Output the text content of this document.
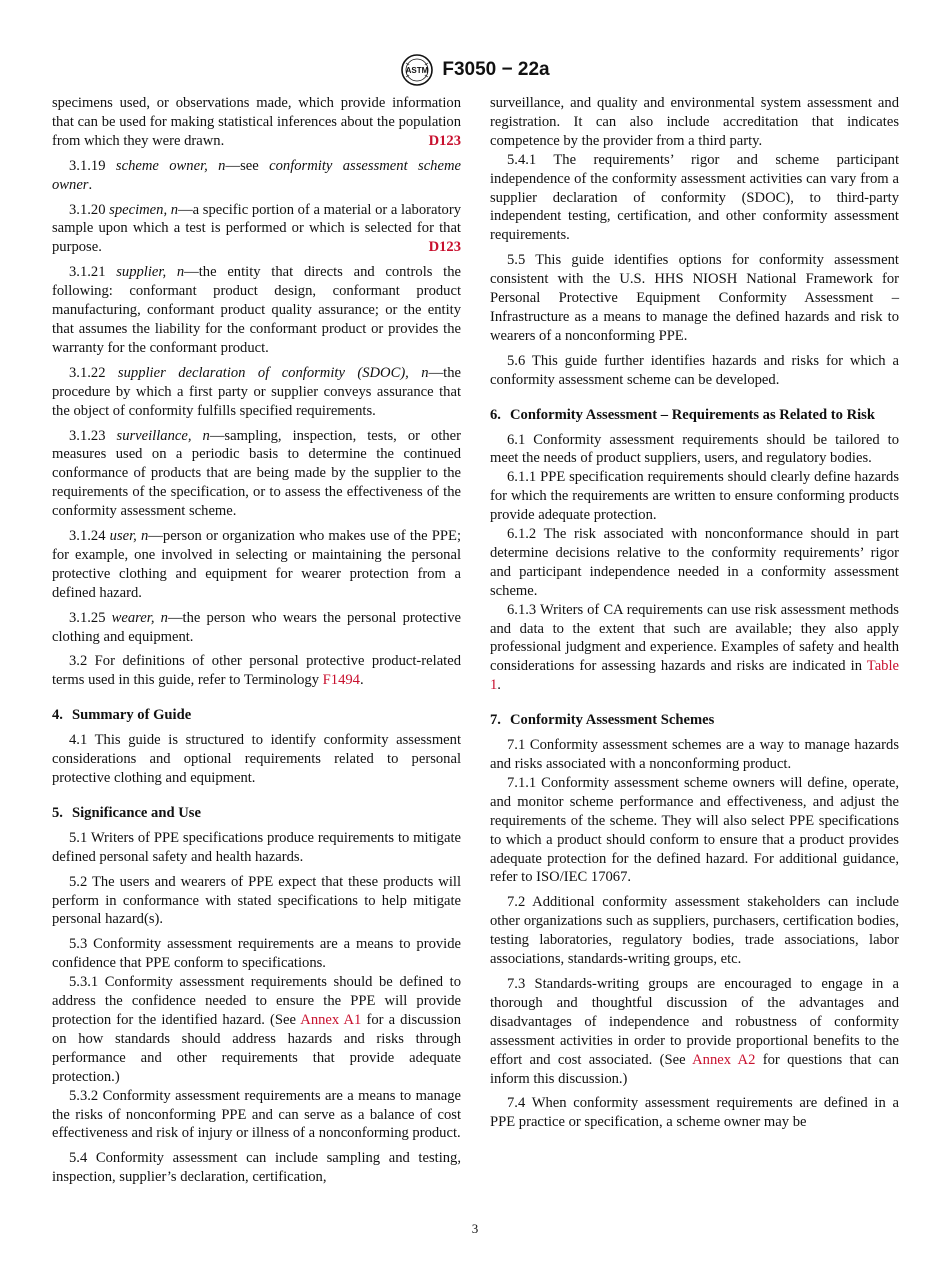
ASTM F3050 − 22a

specimens used, or observations made, which provide information that can be used for making statistical inferences about the population from which they were drawn.	D123

3.1.19 scheme owner, n—see conformity assessment scheme owner.

3.1.20 specimen, n—a specific portion of a material or a laboratory sample upon which a test is performed or which is selected for that purpose.	D123

3.1.21 supplier, n—the entity that directs and controls the following: conformant product design, conformant product manufacturing, conformant product quality assurance; or the entity that assumes the liability for the conformant product or provides the warranty for the conformant product.

3.1.22 supplier declaration of conformity (SDOC), n—the procedure by which a first party or supplier conveys assurance that the object of conformity fulfills specified requirements.

3.1.23 surveillance, n—sampling, inspection, tests, or other measures used on a periodic basis to determine the continued conformance of products that are being made by the supplier to the requirements of the specification, or to assess the effectiveness of the conformity assessment scheme.

3.1.24 user, n—person or organization who makes use of the PPE; for example, one involved in selecting or maintaining the personal protective clothing and equipment for wearer protection from a defined hazard.

3.1.25 wearer, n—the person who wears the personal protective clothing and equipment.

3.2 For definitions of other personal protective product-related terms used in this guide, refer to Terminology F1494.

4. Summary of Guide

4.1 This guide is structured to identify conformity assessment considerations and optional requirements related to personal protective clothing and equipment.

5. Significance and Use

5.1 Writers of PPE specifications produce requirements to mitigate defined personal safety and health hazards.

5.2 The users and wearers of PPE expect that these products will perform in conformance with stated specifications to help mitigate personal hazard(s).

5.3 Conformity assessment requirements are a means to provide confidence that PPE conform to specifications.

5.3.1 Conformity assessment requirements should be defined to address the confidence needed to ensure the PPE will provide protection for the identified hazard. (See Annex A1 for a discussion on how standards should address hazards and risks through performance and other requirements that provide adequate protection.)

5.3.2 Conformity assessment requirements are a means to manage the risks of nonconforming PPE and can serve as a balance of cost effectiveness and risk of injury or illness of a nonconforming product.

5.4 Conformity assessment can include sampling and testing, inspection, supplier’s declaration, certification,

surveillance, and quality and environmental system assessment and registration. It can also include accreditation that indicates competence by the provider from a third party.

5.4.1 The requirements’ rigor and scheme participant independence of the conformity assessment activities can vary from a supplier declaration of conformity (SDOC), to third-party independent testing, certification, and other conformity assessment requirements.

5.5 This guide identifies options for conformity assessment consistent with the U.S. HHS NIOSH National Framework for Personal Protective Equipment Conformity Assessment – Infrastructure as a means to manage the defined hazards and risk to wearers of a nonconforming PPE.

5.6 This guide further identifies hazards and risks for which a conformity assessment scheme can be developed.

6. Conformity Assessment – Requirements as Related to Risk

6.1 Conformity assessment requirements should be tailored to meet the needs of product suppliers, users, and regulatory bodies.

6.1.1 PPE specification requirements should clearly define hazards for which the requirements are written to ensure conforming products provide adequate protection.

6.1.2 The risk associated with nonconformance should in part determine decisions relative to the conformity requirements’ rigor and participant independence needed in a conformity assessment scheme.

6.1.3 Writers of CA requirements can use risk assessment methods and data to the extent that such are available; they also apply professional judgment and experience. Examples of safety and health considerations for assessing hazards and risks are indicated in Table 1.

7. Conformity Assessment Schemes

7.1 Conformity assessment schemes are a way to manage hazards and risks associated with a nonconforming product.

7.1.1 Conformity assessment scheme owners will define, operate, and monitor scheme performance and effectiveness, and adjust the requirements of the scheme. They will also select PPE specifications to which a product should conform to ensure that a product provides adequate protection for the defined hazard. For additional guidance, refer to ISO/IEC 17067.

7.2 Additional conformity assessment stakeholders can include other organizations such as suppliers, purchasers, certification bodies, testing laboratories, regulatory bodies, trade associations, labor associations, standards-writing groups, etc.

7.3 Standards-writing groups are encouraged to engage in a thorough and thoughtful discussion of the advantages and disadvantages of independence and robustness of conformity assessment activities in order to provide proportional benefits to the effort and cost associated. (See Annex A2 for questions that can inform this discussion.)

7.4 When conformity assessment requirements are defined in a PPE practice or specification, a scheme owner may be

3
